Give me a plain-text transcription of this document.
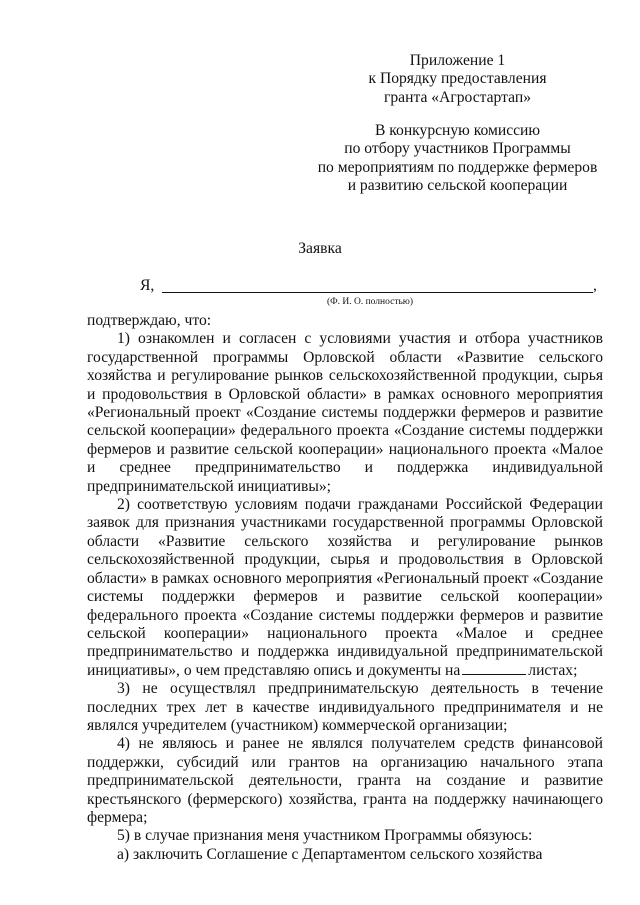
Приложение 1
к Порядку предоставления
гранта «Агростартап»
В конкурсную комиссию
по отбору участников Программы
по мероприятиям по поддержке фермеров
и развитию сельской кооперации
Заявка
Я,	,
(Ф. И. О. полностью)

подтверждаю, что:

1) ознакомлен и согласен с условиями участия и отбора участников государственной программы Орловской области «Развитие сельского хозяйства и регулирование рынков сельскохозяйственной продукции, сырья и продовольствия в Орловской области» в рамках основного мероприятия «Региональный проект «Создание системы поддержки фермеров и развитие сельской кооперации» федерального проекта «Создание системы поддержки фермеров и развитие сельской кооперации» национального проекта «Малое и среднее предпринимательство и поддержка индивидуальной предпринимательской инициативы»;

2) соответствую условиям подачи гражданами Российской Федерации заявок для признания участниками государственной программы Орловской области «Развитие сельского хозяйства и регулирование рынков сельскохозяйственной продукции, сырья и продовольствия в Орловской области» в рамках основного мероприятия «Региональный проект «Создание системы поддержки фермеров и развитие сельской кооперации» федерального проекта «Создание системы поддержки фермеров и развитие сельской кооперации» национального проекта «Малое и среднее предпринимательство и поддержка индивидуальной предпринимательской инициативы», о чем представляю опись и документы на	листах;

3) не осуществлял предпринимательскую деятельность в течение последних трех лет в качестве индивидуального предпринимателя и не являлся учредителем (участником) коммерческой организации;

4) не являюсь и ранее не являлся получателем средств финансовой поддержки, субсидий или грантов на организацию начального этапа предпринимательской деятельности, гранта на создание и развитие крестьянского (фермерского) хозяйства, гранта на поддержку начинающего фермера;

5) в случае признания меня участником Программы обязуюсь:

а) заключить Соглашение с Департаментом сельского хозяйства
